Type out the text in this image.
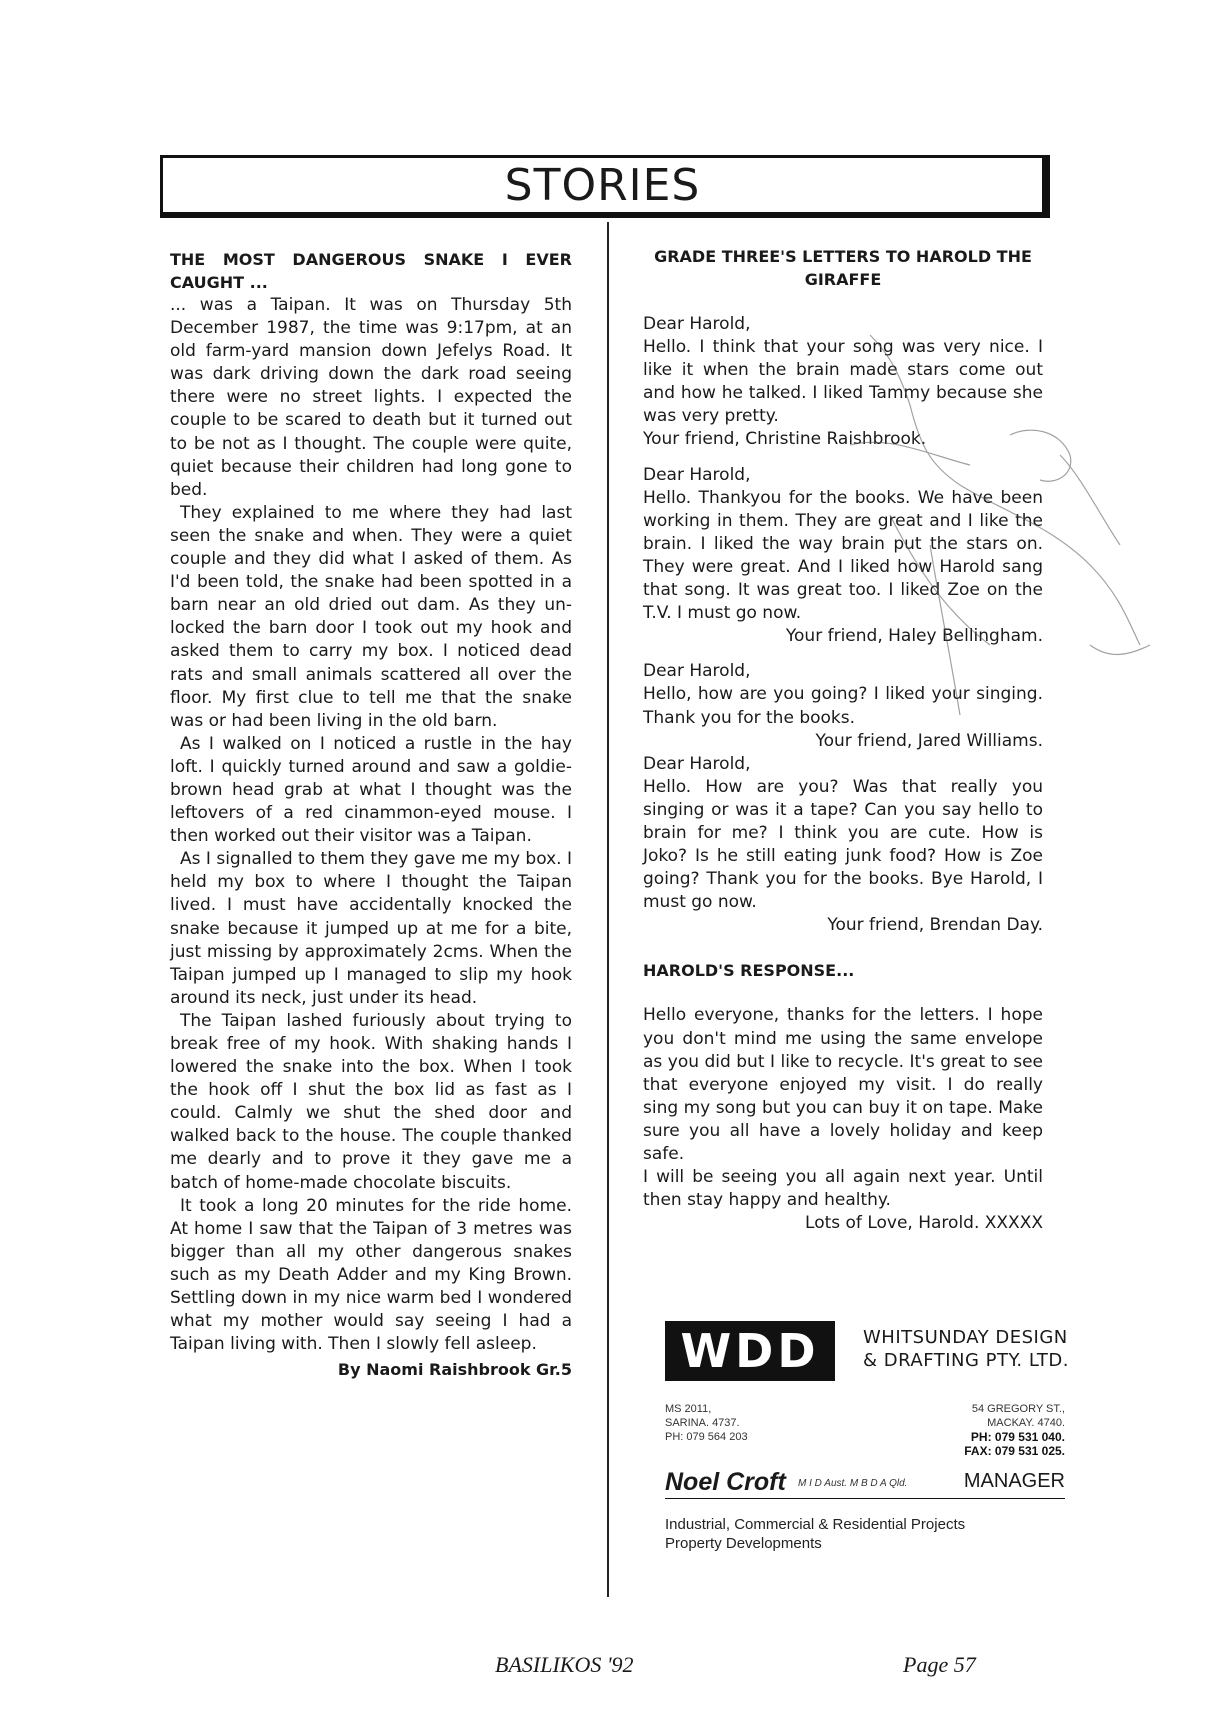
STORIES

THE MOST DANGEROUS SNAKE I EVER CAUGHT ...

... was a Taipan. It was on Thursday 5th December 1987, the time was 9:17pm, at an old farm-yard mansion down Jefelys Road. It was dark driving down the dark road seeing there were no street lights. I expected the couple to be scared to death but it turned out to be not as I thought. The couple were quite, quiet because their children had long gone to bed.

They explained to me where they had last seen the snake and when. They were a quiet couple and they did what I asked of them. As I'd been told, the snake had been spotted in a barn near an old dried out dam. As they un-locked the barn door I took out my hook and asked them to carry my box. I noticed dead rats and small animals scattered all over the floor. My first clue to tell me that the snake was or had been living in the old barn.

As I walked on I noticed a rustle in the hay loft. I quickly turned around and saw a goldie-brown head grab at what I thought was the leftovers of a red cinammon-eyed mouse. I then worked out their visitor was a Taipan.

As I signalled to them they gave me my box. I held my box to where I thought the Taipan lived. I must have accidentally knocked the snake because it jumped up at me for a bite, just missing by approximately 2cms. When the Taipan jumped up I managed to slip my hook around its neck, just under its head.

The Taipan lashed furiously about trying to break free of my hook. With shaking hands I lowered the snake into the box. When I took the hook off I shut the box lid as fast as I could. Calmly we shut the shed door and walked back to the house. The couple thanked me dearly and to prove it they gave me a batch of home-made chocolate biscuits.

It took a long 20 minutes for the ride home. At home I saw that the Taipan of 3 metres was bigger than all my other dangerous snakes such as my Death Adder and my King Brown. Settling down in my nice warm bed I wondered what my mother would say seeing I had a Taipan living with. Then I slowly fell asleep.

By Naomi Raishbrook Gr.5

GRADE THREE'S LETTERS TO HAROLD THE GIRAFFE

Dear Harold,

Hello. I think that your song was very nice. I like it when the brain made stars come out and how he talked. I liked Tammy because she was very pretty.

Your friend, Christine Raishbrook.

Dear Harold,

Hello. Thankyou for the books. We have been working in them. They are great and I like the brain. I liked the way brain put the stars on. They were great. And I liked how Harold sang that song. It was great too. I liked Zoe on the T.V. I must go now.

Your friend, Haley Bellingham.

Dear Harold,

Hello, how are you going? I liked your singing. Thank you for the books.

Your friend, Jared Williams.

Dear Harold,

Hello. How are you? Was that really you singing or was it a tape? Can you say hello to brain for me? I think you are cute. How is Joko? Is he still eating junk food? How is Zoe going? Thank you for the books. Bye Harold, I must go now.

Your friend, Brendan Day.

HAROLD'S RESPONSE...

Hello everyone, thanks for the letters. I hope you don't mind me using the same envelope as you did but I like to recycle. It's great to see that everyone enjoyed my visit. I do really sing my song but you can buy it on tape. Make sure you all have a lovely holiday and keep safe.

I will be seeing you all again next year. Until then stay happy and healthy.

Lots of Love, Harold. XXXXX

WDD	WHITSUNDAY DESIGN
& DRAFTING PTY. LTD.
MS 2011,
SARINA. 4737.
PH: 079 564 203
54 GREGORY ST.,
MACKAY. 4740.
PH: 079 531 040.
FAX: 079 531 025.
Noel Croft M I D Aust. M B D A Qld.	MANAGER
Industrial, Commercial & Residential Projects
Property Developments
BASILIKOS '92	Page 57
